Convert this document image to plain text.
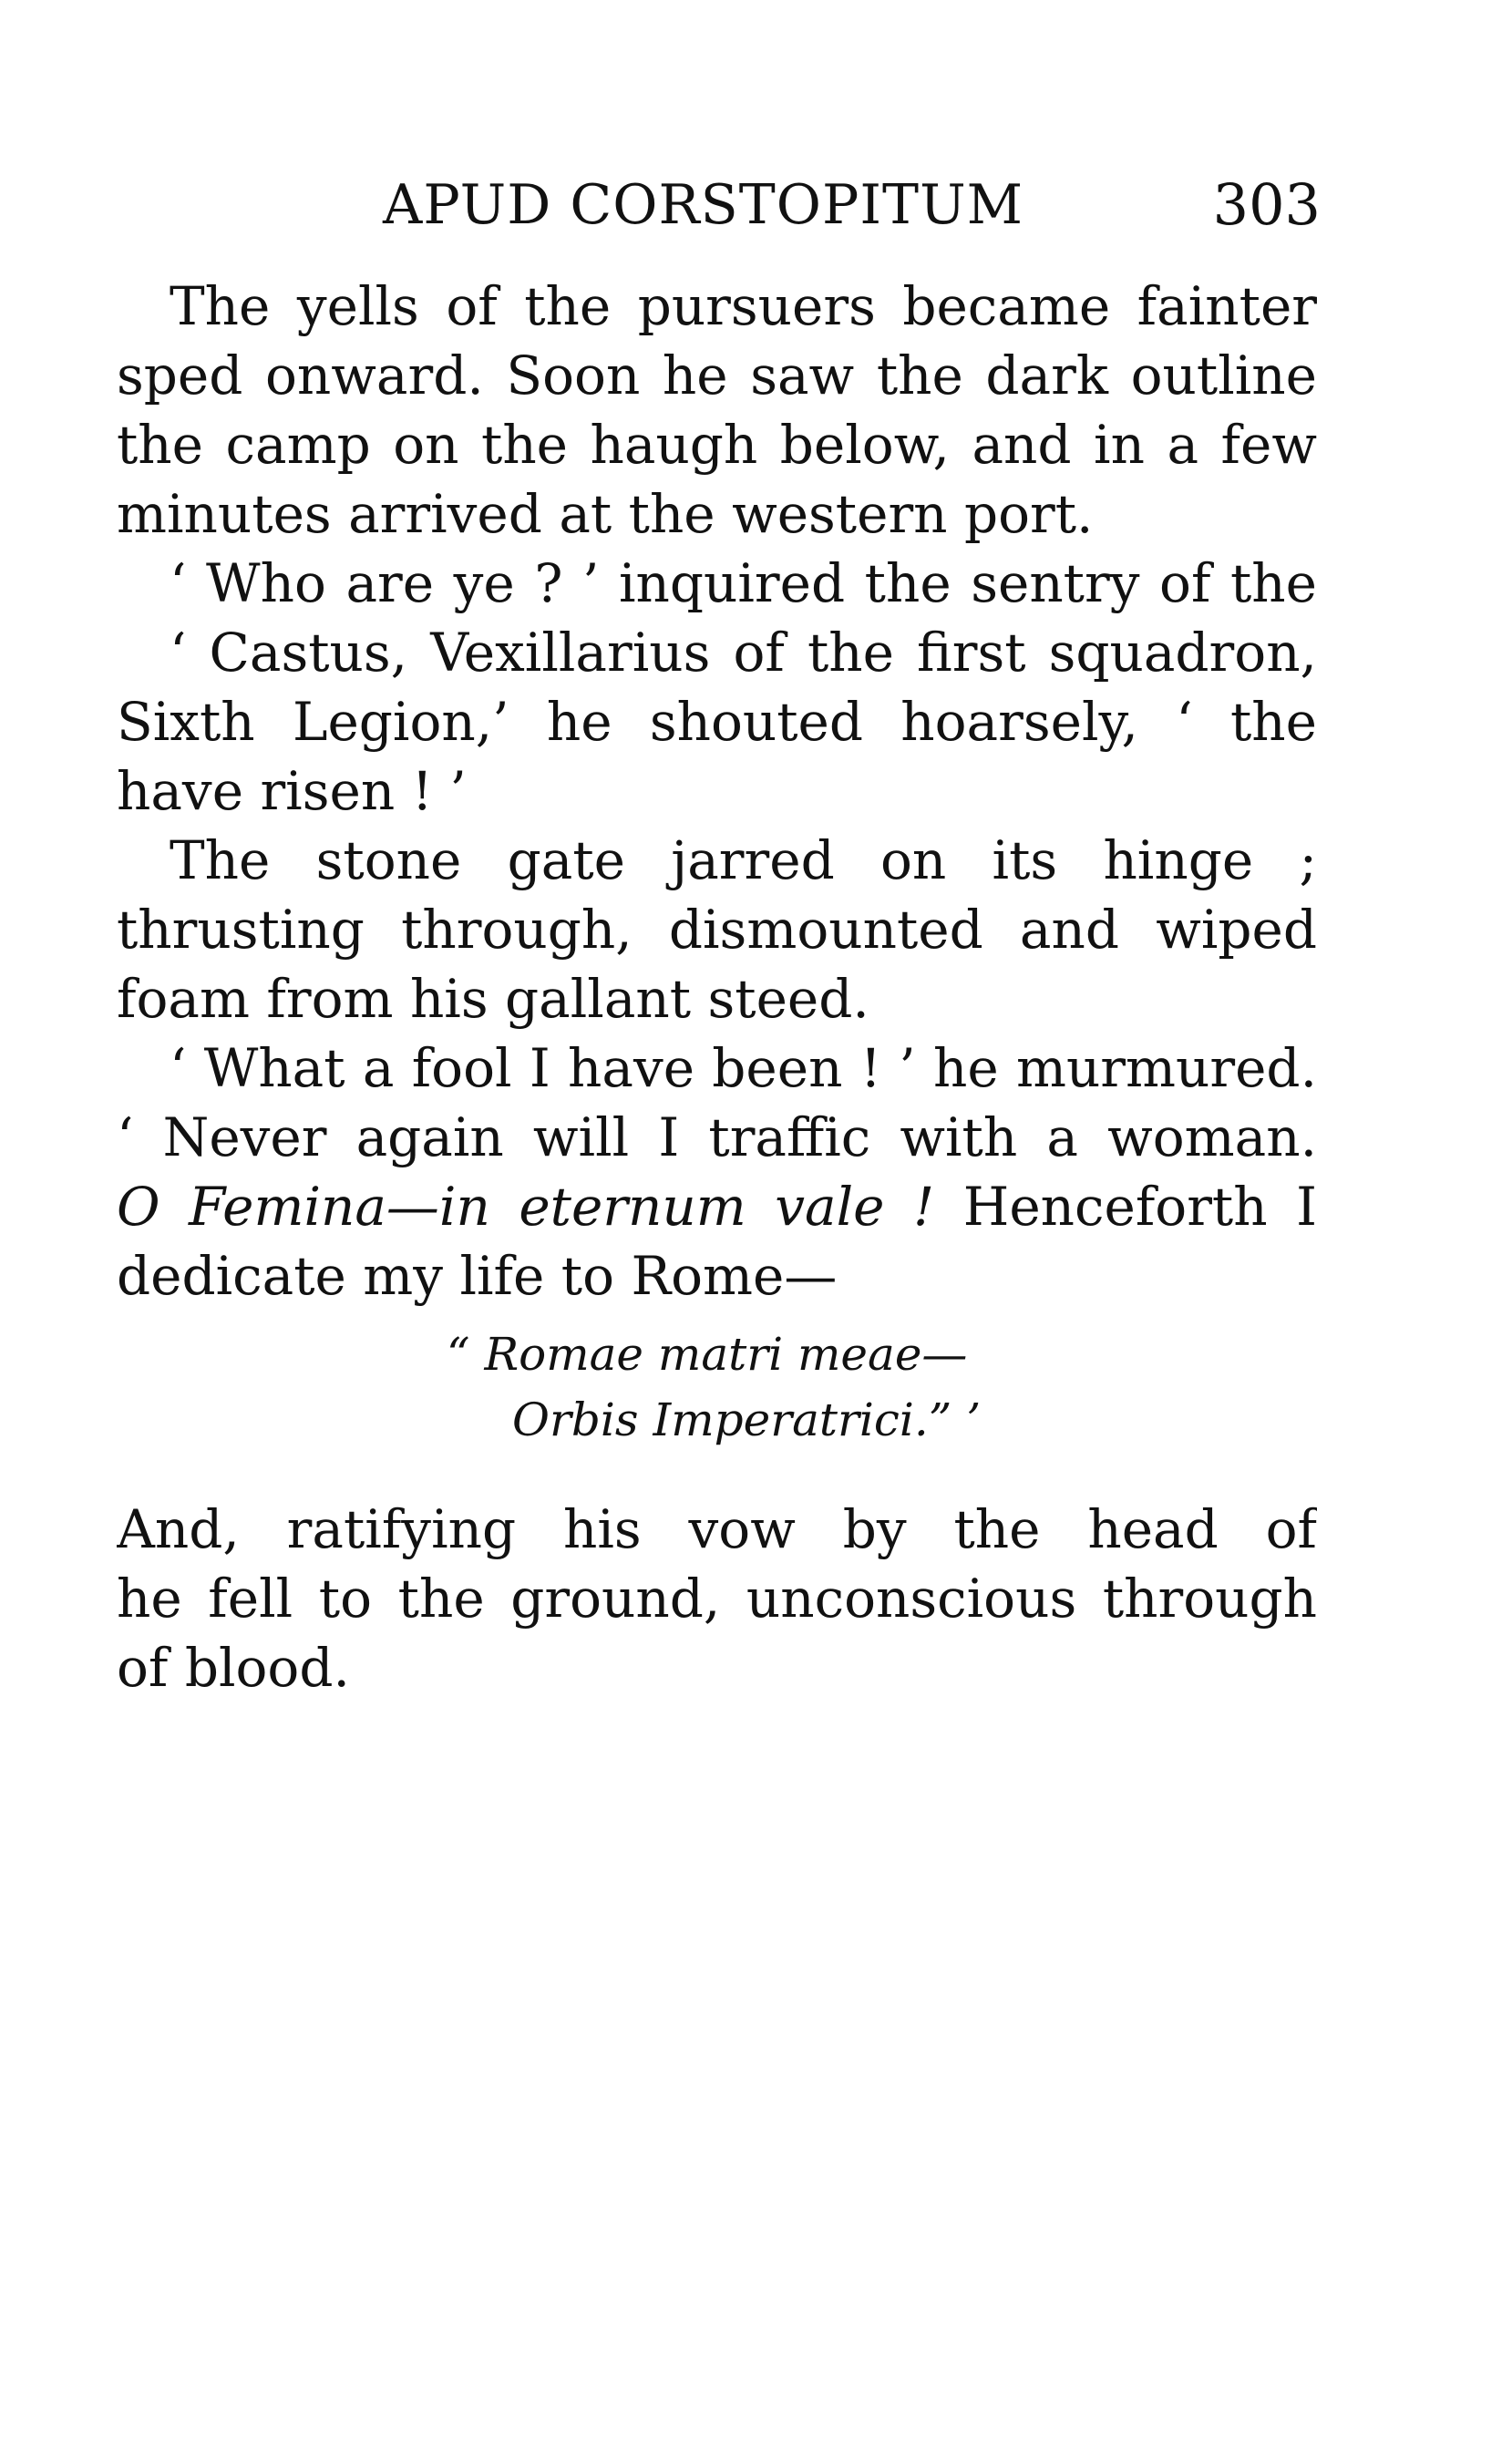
APUD CORSTOPITUM	303
The yells of the pursuers became fainter
sped onward. Soon he saw the dark outline
the camp on the haugh below, and in a few
minutes arrived at the western port.
‘ Who are ye ? ’ inquired the sentry of the
‘ Castus, Vexillarius of the first squadron,
Sixth Legion,’ he shouted hoarsely, ‘ the
have risen ! ’
The stone gate jarred on its hinge ;
thrusting through, dismounted and wiped
foam from his gallant steed.
‘ What a fool I have been ! ’ he murmured.
‘ Never again will I traffic with a woman.
O Femina—in eternum vale ! Henceforth I
dedicate my life to Rome—
“ Romae matri meae—
Orbis Imperatrici.” ’
And, ratifying his vow by the head of
he fell to the ground, unconscious through
of blood.
